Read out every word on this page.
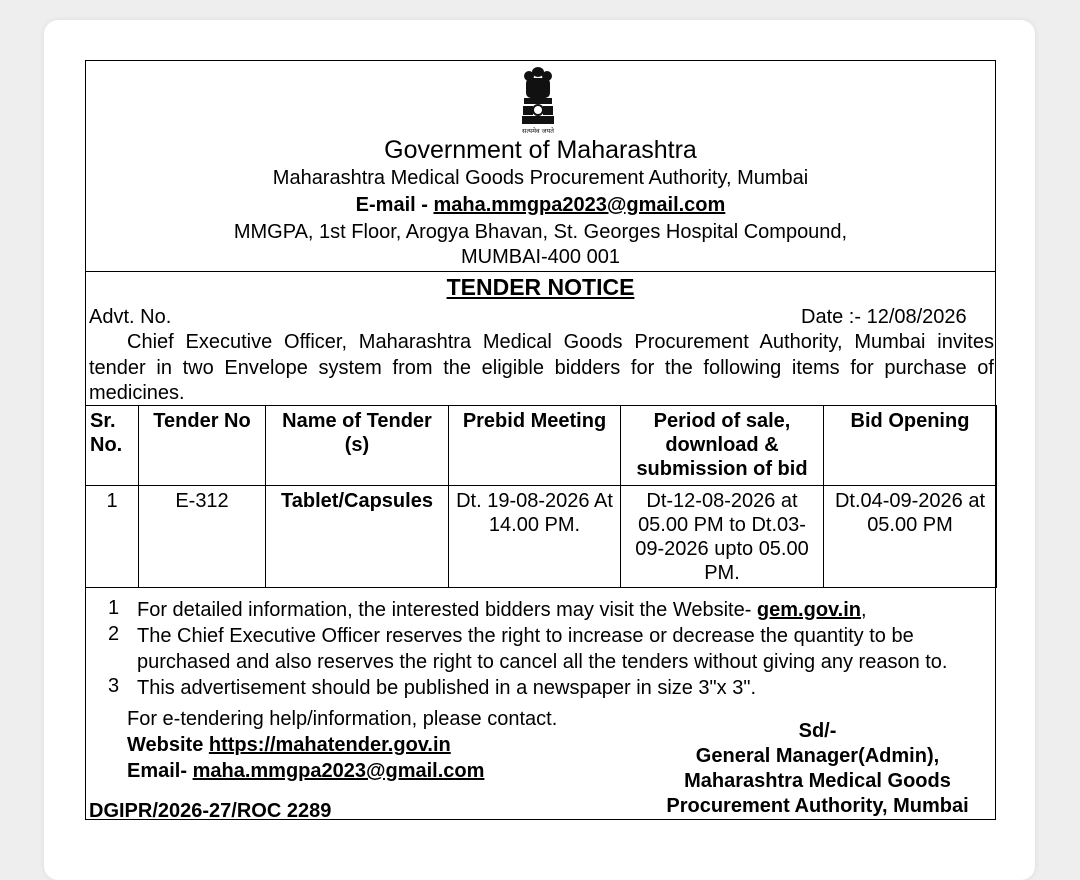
सत्यमेव जयते
Government of Maharashtra
Maharashtra Medical Goods Procurement Authority, Mumbai
E-mail - maha.mmgpa2023@gmail.com
MMGPA, 1st Floor, Arogya Bhavan, St. Georges Hospital Compound,
MUMBAI-400 001
TENDER NOTICE
Advt. No.	Date :- 12/08/2026
Chief Executive Officer, Maharashtra Medical Goods Procurement Authority, Mumbai invites tender in two Envelope system from the eligible bidders for the following items for purchase of medicines.
Sr. No.	Tender No	Name of Tender (s)	Prebid Meeting	Period of sale, download & submission of bid	Bid Opening
1	E-312	Tablet/Capsules	Dt. 19-08-2026 At 14.00 PM.	Dt-12-08-2026 at 05.00 PM to Dt.03-09-2026 upto 05.00 PM.	Dt.04-09-2026 at 05.00 PM
1 For detailed information, the interested bidders may visit the Website- gem.gov.in,
2 The Chief Executive Officer reserves the right to increase or decrease the quantity to be purchased and also reserves the right to cancel all the tenders without giving any reason to.
3 This advertisement should be published in a newspaper in size 3"x 3".
For e-tendering help/information, please contact.
Website https://mahatender.gov.in
Email- maha.mmgpa2023@gmail.com
Sd/-
General Manager(Admin),
Maharashtra Medical Goods
Procurement Authority, Mumbai
DGIPR/2026-27/ROC 2289
